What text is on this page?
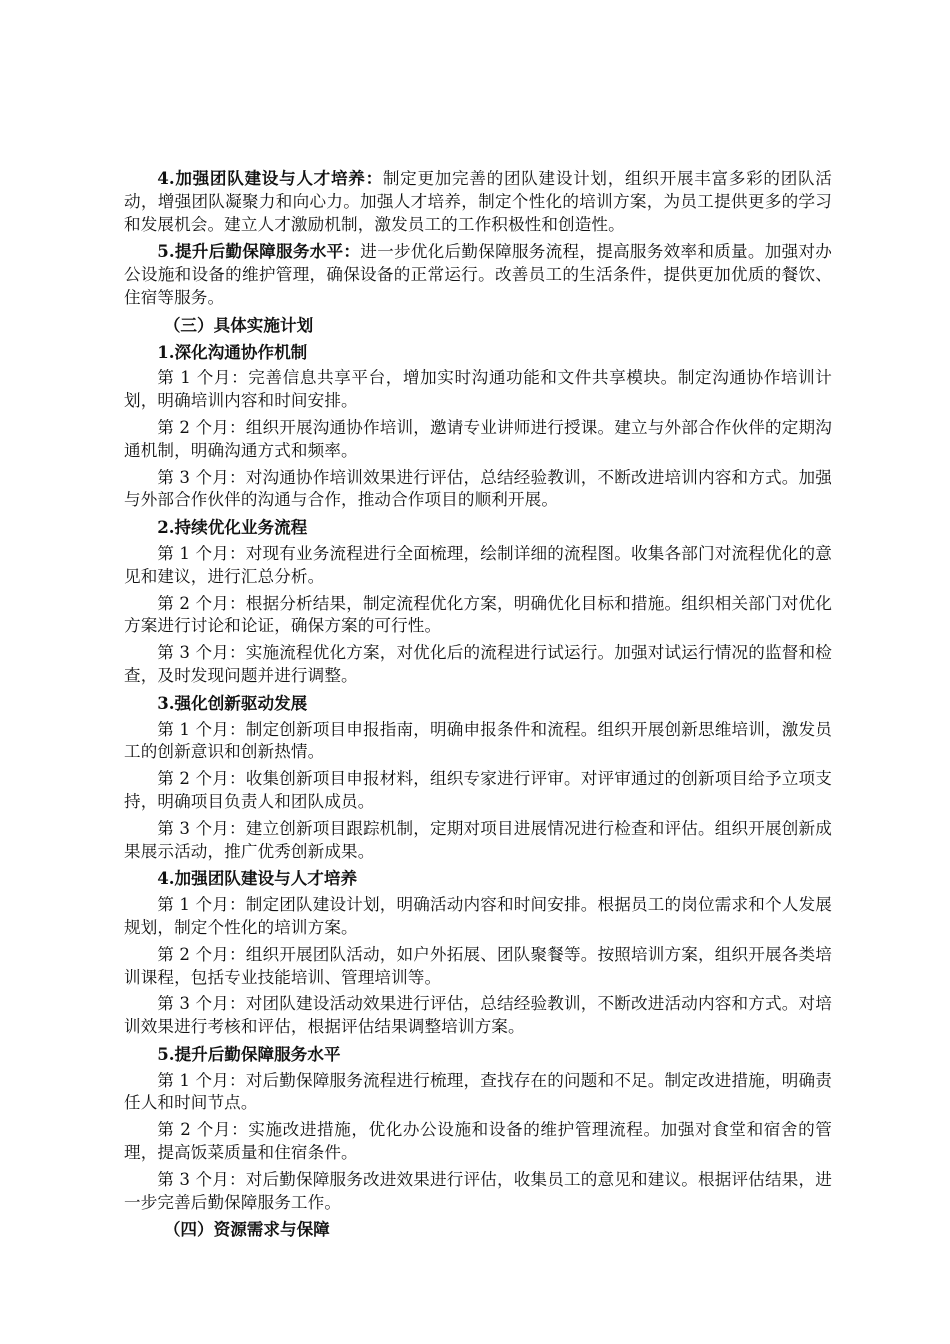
4.加强团队建设与人才培养：制定更加完善的团队建设计划，组织开展丰富多彩的团队活动，增强团队凝聚力和向心力。加强人才培养，制定个性化的培训方案，为员工提供更多的学习和发展机会。建立人才激励机制，激发员工的工作积极性和创造性。

5.提升后勤保障服务水平：进一步优化后勤保障服务流程，提高服务效率和质量。加强对办公设施和设备的维护管理，确保设备的正常运行。改善员工的生活条件，提供更加优质的餐饮、住宿等服务。

（三）具体实施计划
1.深化沟通协作机制

第 1 个月：完善信息共享平台，增加实时沟通功能和文件共享模块。制定沟通协作培训计划，明确培训内容和时间安排。

第 2 个月：组织开展沟通协作培训，邀请专业讲师进行授课。建立与外部合作伙伴的定期沟通机制，明确沟通方式和频率。

第 3 个月：对沟通协作培训效果进行评估，总结经验教训，不断改进培训内容和方式。加强与外部合作伙伴的沟通与合作，推动合作项目的顺利开展。

2.持续优化业务流程

第 1 个月：对现有业务流程进行全面梳理，绘制详细的流程图。收集各部门对流程优化的意见和建议，进行汇总分析。

第 2 个月：根据分析结果，制定流程优化方案，明确优化目标和措施。组织相关部门对优化方案进行讨论和论证，确保方案的可行性。

第 3 个月：实施流程优化方案，对优化后的流程进行试运行。加强对试运行情况的监督和检查，及时发现问题并进行调整。

3.强化创新驱动发展

第 1 个月：制定创新项目申报指南，明确申报条件和流程。组织开展创新思维培训，激发员工的创新意识和创新热情。

第 2 个月：收集创新项目申报材料，组织专家进行评审。对评审通过的创新项目给予立项支持，明确项目负责人和团队成员。

第 3 个月：建立创新项目跟踪机制，定期对项目进展情况进行检查和评估。组织开展创新成果展示活动，推广优秀创新成果。

4.加强团队建设与人才培养

第 1 个月：制定团队建设计划，明确活动内容和时间安排。根据员工的岗位需求和个人发展规划，制定个性化的培训方案。

第 2 个月：组织开展团队活动，如户外拓展、团队聚餐等。按照培训方案，组织开展各类培训课程，包括专业技能培训、管理培训等。

第 3 个月：对团队建设活动效果进行评估，总结经验教训，不断改进活动内容和方式。对培训效果进行考核和评估，根据评估结果调整培训方案。

5.提升后勤保障服务水平

第 1 个月：对后勤保障服务流程进行梳理，查找存在的问题和不足。制定改进措施，明确责任人和时间节点。

第 2 个月：实施改进措施，优化办公设施和设备的维护管理流程。加强对食堂和宿舍的管理，提高饭菜质量和住宿条件。

第 3 个月：对后勤保障服务改进效果进行评估，收集员工的意见和建议。根据评估结果，进一步完善后勤保障服务工作。

（四）资源需求与保障
